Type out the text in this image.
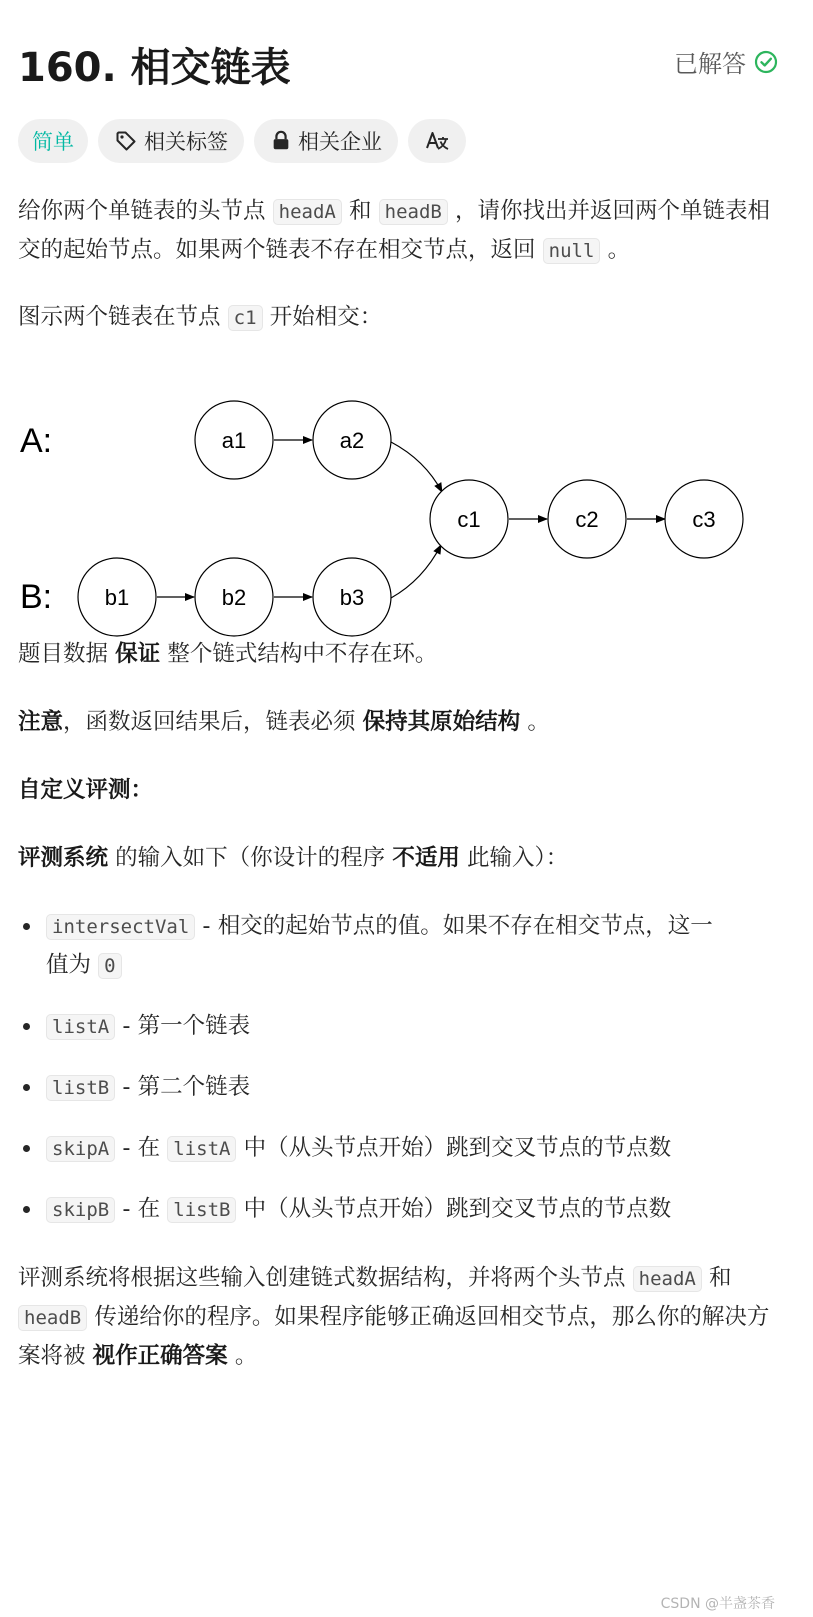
160. 相交链表	已解答
简单	相关标签	相关企业

给你两个单链表的头节点 headA 和 headB ，请你找出并返回两个单链表相交的起始节点。如果两个链表不存在相交节点，返回 null 。

图示两个链表在节点 c1 开始相交：

题目数据 保证 整个链式结构中不存在环。

注意，函数返回结果后，链表必须 保持其原始结构 。

自定义评测：

评测系统 的输入如下（你设计的程序 不适用 此输入）：

intersectVal - 相交的起始节点的值。如果不存在相交节点，这一值为 0
listA - 第一个链表
listB - 第二个链表
skipA - 在 listA 中（从头节点开始）跳到交叉节点的节点数
skipB - 在 listB 中（从头节点开始）跳到交叉节点的节点数

评测系统将根据这些输入创建链式数据结构，并将两个头节点 headA 和 headB 传递给你的程序。如果程序能够正确返回相交节点，那么你的解决方案将被 视作正确答案 。

A:
B:
a1	a2
b1	b2	b3
c1	c2	c3
CSDN @半盏茶香
